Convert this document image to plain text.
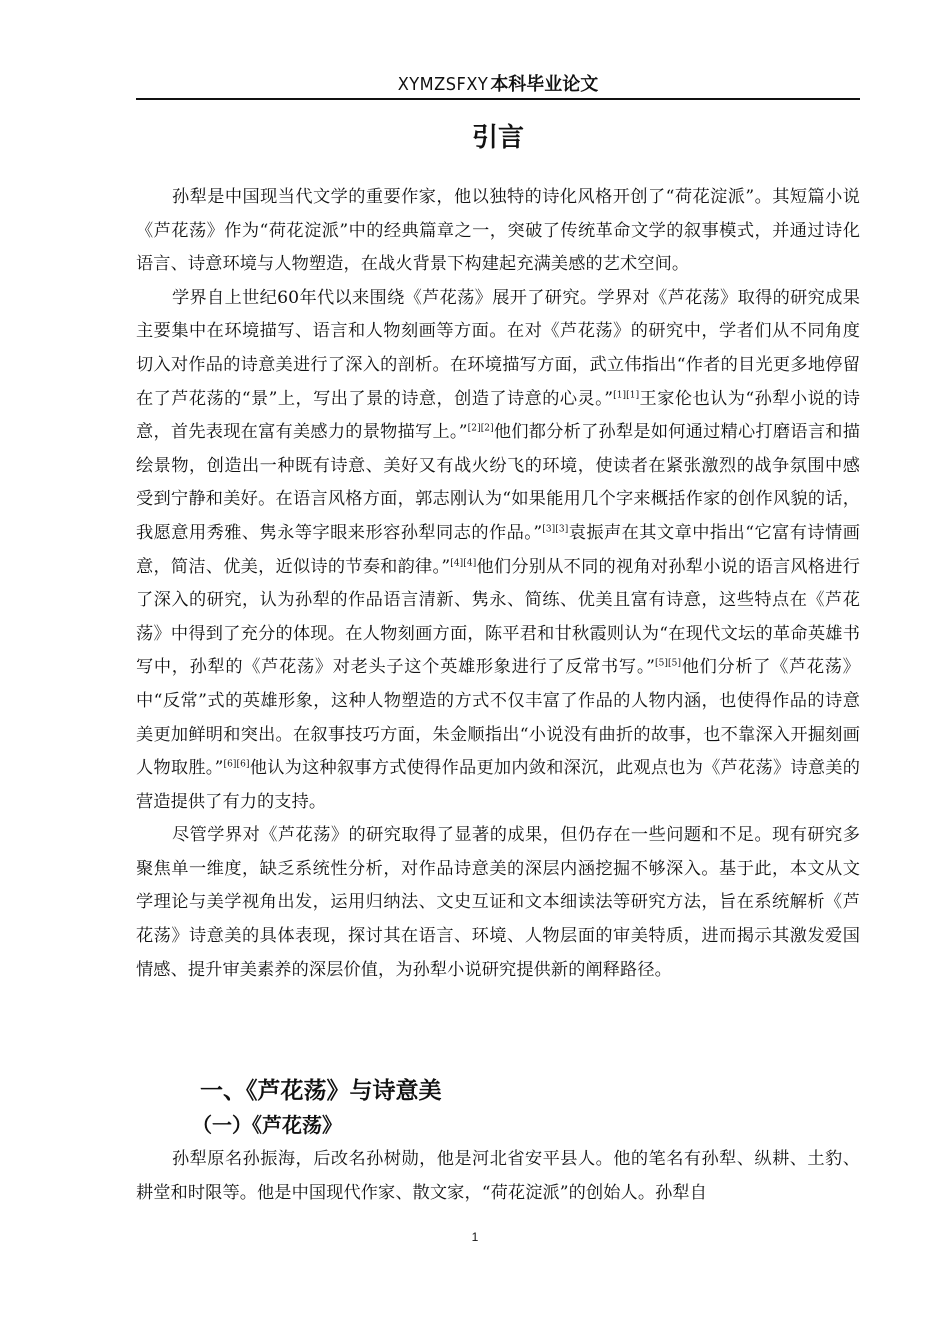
XYMZSFXY 本科毕业论文
引言

孙犁是中国现当代文学的重要作家，他以独特的诗化风格开创了“荷花淀派”。其短篇小说《芦花荡》作为“荷花淀派”中的经典篇章之一，突破了传统革命文学的叙事模式，并通过诗化语言、诗意环境与人物塑造，在战火背景下构建起充满美感的艺术空间。

学界自上世纪60年代以来围绕《芦花荡》展开了研究。学界对《芦花荡》取得的研究成果主要集中在环境描写、语言和人物刻画等方面。在对《芦花荡》的研究中，学者们从不同角度切入对作品的诗意美进行了深入的剖析。在环境描写方面，武立伟指出“作者的目光更多地停留在了芦花荡的“景”上，写出了景的诗意，创造了诗意的心灵。”[1][1]王家伦也认为“孙犁小说的诗意，首先表现在富有美感力的景物描写上。”[2][2]他们都分析了孙犁是如何通过精心打磨语言和描绘景物，创造出一种既有诗意、美好又有战火纷飞的环境，使读者在紧张激烈的战争氛围中感受到宁静和美好。在语言风格方面，郭志刚认为“如果能用几个字来概括作家的创作风貌的话，我愿意用秀雅、隽永等字眼来形容孙犁同志的作品。”[3][3]袁振声在其文章中指出“它富有诗情画意，简洁、优美，近似诗的节奏和韵律。”[4][4]他们分别从不同的视角对孙犁小说的语言风格进行了深入的研究，认为孙犁的作品语言清新、隽永、简练、优美且富有诗意，这些特点在《芦花荡》中得到了充分的体现。在人物刻画方面，陈平君和甘秋霞则认为“在现代文坛的革命英雄书写中，孙犁的《芦花荡》对老头子这个英雄形象进行了反常书写。”[5][5]他们分析了《芦花荡》中“反常”式的英雄形象，这种人物塑造的方式不仅丰富了作品的人物内涵，也使得作品的诗意美更加鲜明和突出。在叙事技巧方面，朱金顺指出“小说没有曲折的故事，也不靠深入开掘刻画人物取胜。”[6][6]他认为这种叙事方式使得作品更加内敛和深沉，此观点也为《芦花荡》诗意美的营造提供了有力的支持。

尽管学界对《芦花荡》的研究取得了显著的成果，但仍存在一些问题和不足。现有研究多聚焦单一维度，缺乏系统性分析，对作品诗意美的深层内涵挖掘不够深入。基于此，本文从文学理论与美学视角出发，运用归纳法、文史互证和文本细读法等研究方法，旨在系统解析《芦花荡》诗意美的具体表现，探讨其在语言、环境、人物层面的审美特质，进而揭示其激发爱国情感、提升审美素养的深层价值，为孙犁小说研究提供新的阐释路径。

一、《芦花荡》与诗意美
（一）《芦花荡》

孙犁原名孙振海，后改名孙树勋，他是河北省安平县人。他的笔名有孙犁、纵耕、土豹、耕堂和时限等。他是中国现代作家、散文家，“荷花淀派”的创始人。孙犁自

1
